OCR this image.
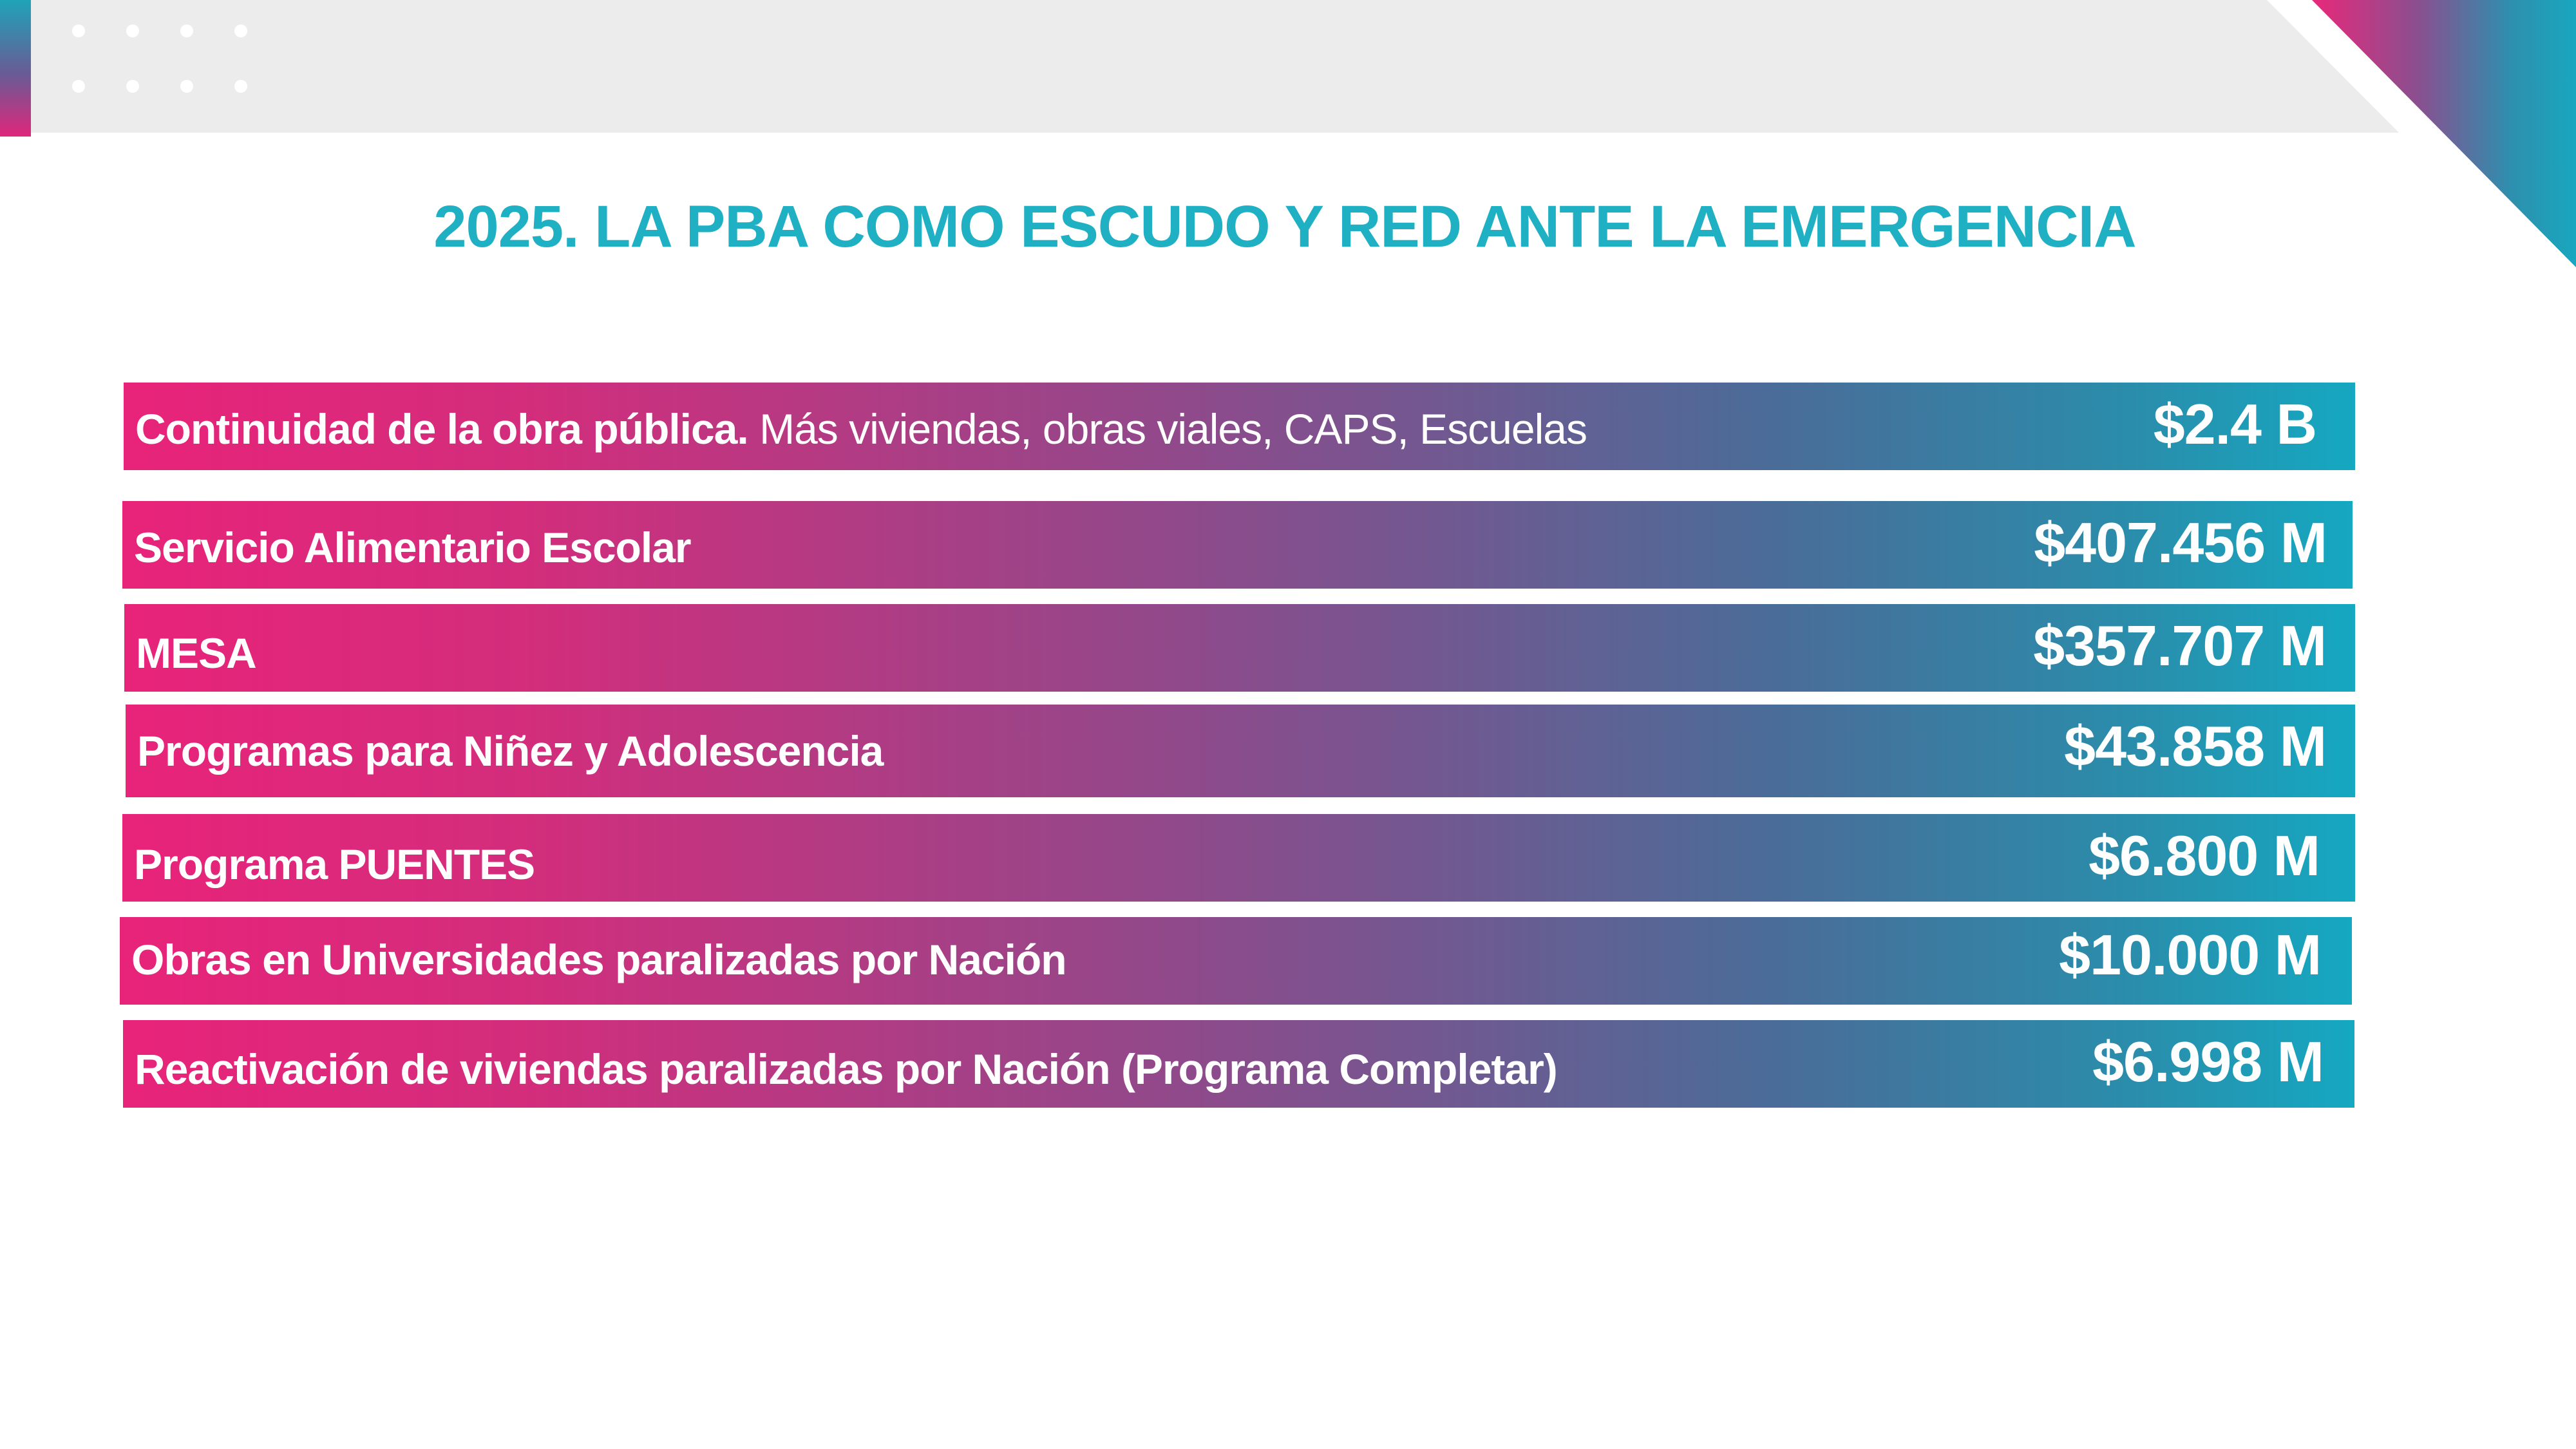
2025. LA PBA COMO ESCUDO Y RED ANTE LA EMERGENCIA
Continuidad de la obra pública. Más viviendas, obras viales, CAPS, Escuelas	$2.4 B
Servicio Alimentario Escolar	$407.456 M
MESA	$357.707 M
Programas para Niñez y Adolescencia	$43.858 M
Programa PUENTES	$6.800 M
Obras en Universidades paralizadas por Nación	$10.000 M
Reactivación de viviendas paralizadas por Nación (Programa Completar)	$6.998 M
